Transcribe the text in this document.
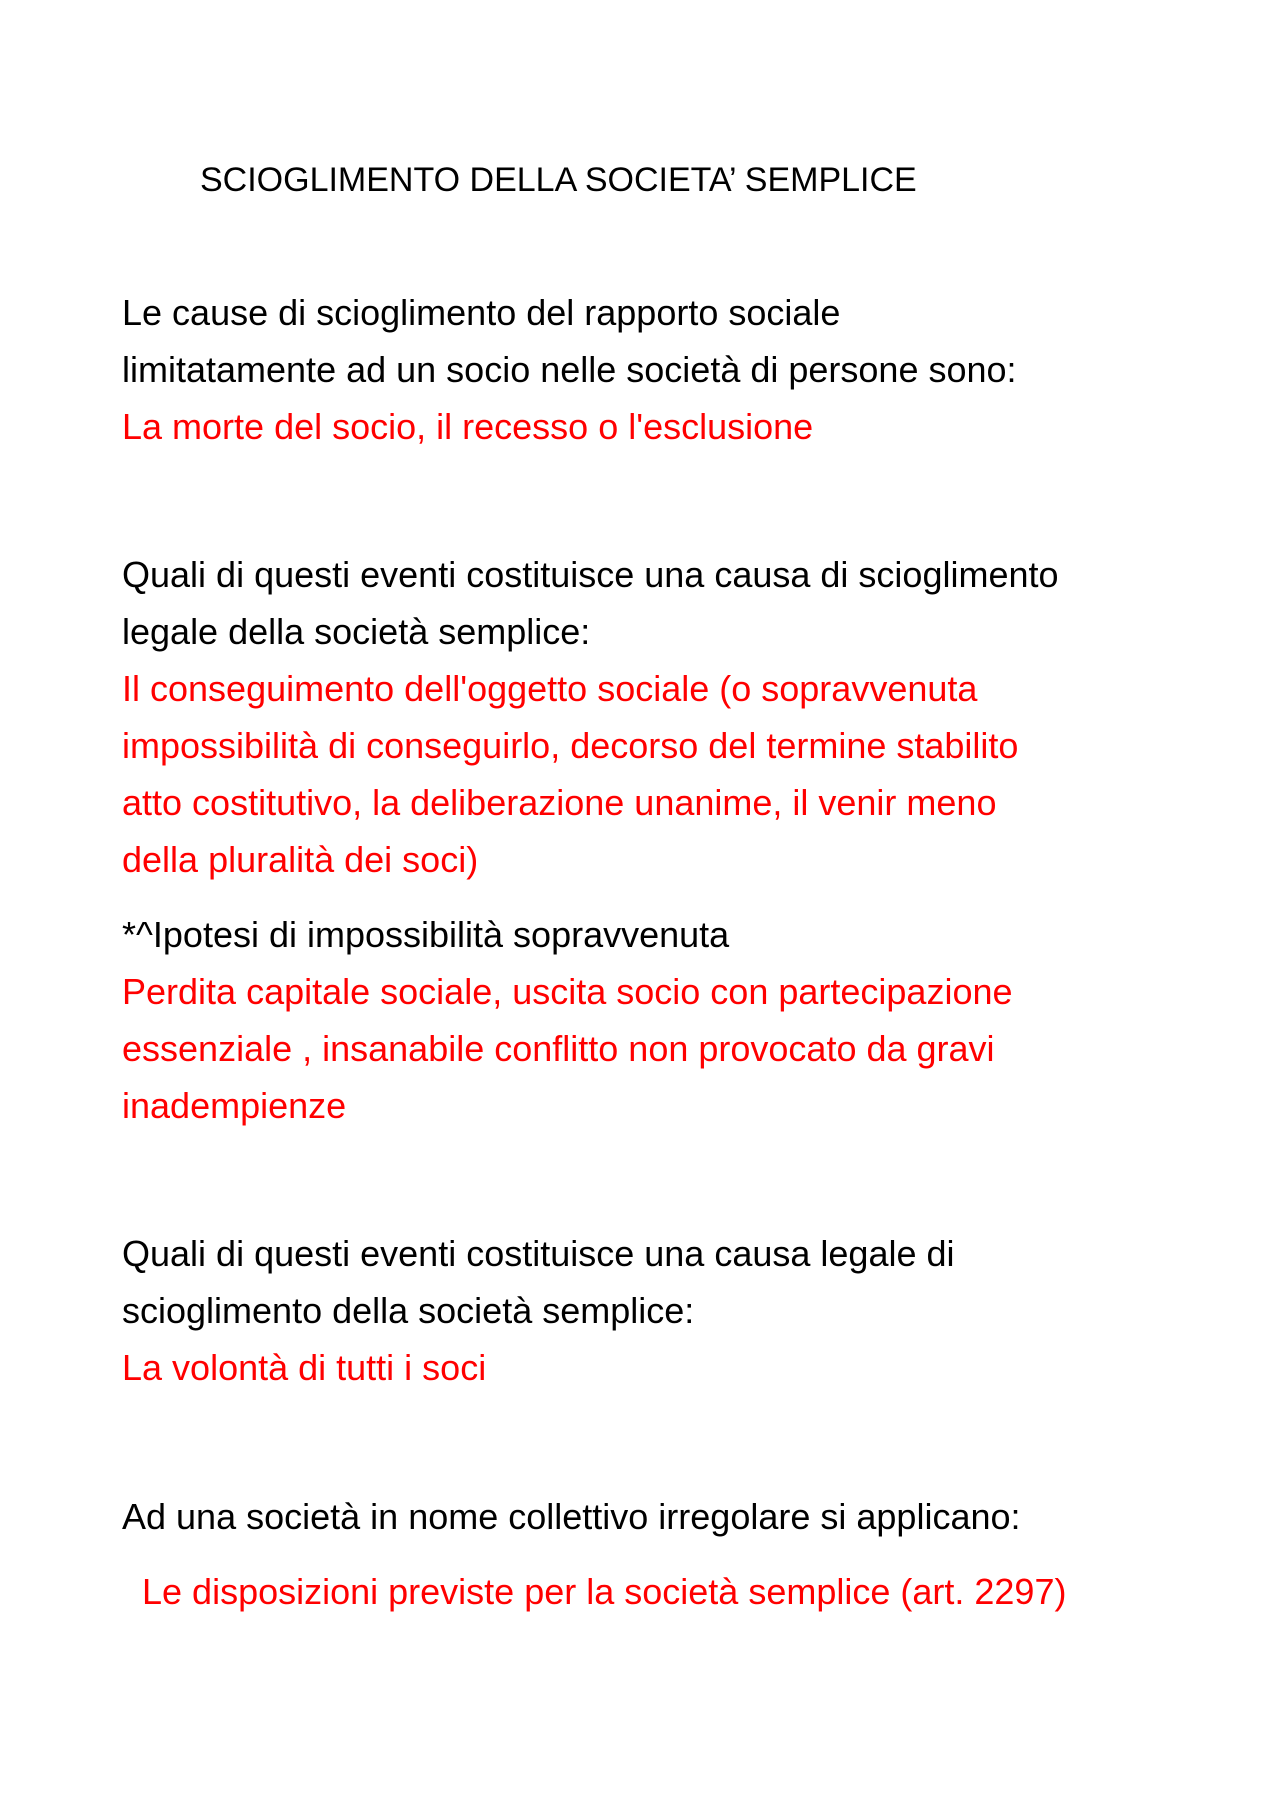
SCIOGLIMENTO DELLA SOCIETA’ SEMPLICE

Le cause di scioglimento del rapporto sociale

limitatamente ad un socio nelle società di persone sono:

La morte del socio, il recesso o l'esclusione

Quali di questi eventi costituisce una causa di scioglimento

legale della società semplice:

Il conseguimento dell'oggetto sociale (o sopravvenuta

impossibilità di conseguirlo, decorso del termine stabilito

atto costitutivo, la deliberazione unanime, il venir meno

della pluralità dei soci)

*^Ipotesi di impossibilità sopravvenuta

Perdita capitale sociale, uscita socio con partecipazione

essenziale , insanabile conflitto non provocato da gravi

inadempienze

Quali di questi eventi costituisce una causa legale di

scioglimento della società semplice:

La volontà di tutti i soci

Ad una società in nome collettivo irregolare si applicano:

Le disposizioni previste per la società semplice (art. 2297)
